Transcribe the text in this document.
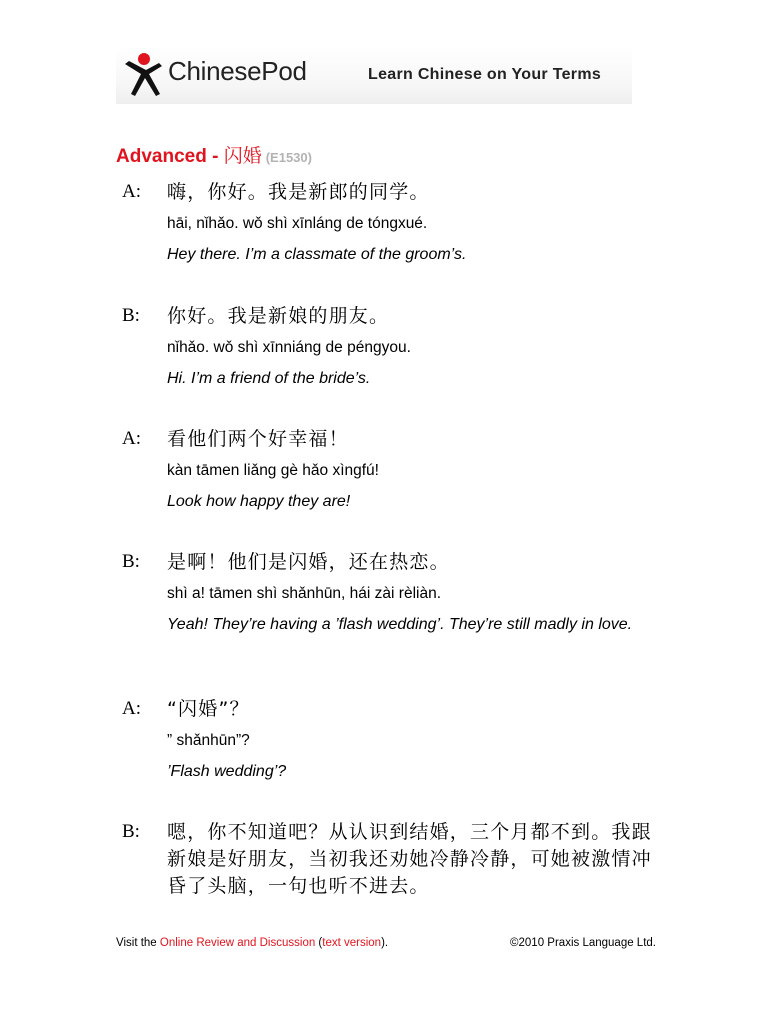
ChinesePod	Learn Chinese on Your Terms
Advanced - 闪婚 (E1530)
A: 嗨，你好。我是新郎的同学。
hāi, nǐhǎo. wǒ shì xīnláng de tóngxué.
Hey there. I’m a classmate of the groom’s.
B: 你好。我是新娘的朋友。
nǐhǎo. wǒ shì xīnniáng de péngyou.
Hi. I’m a friend of the bride’s.
A: 看他们两个好幸福！
kàn tāmen liǎng gè hǎo xìngfú!
Look how happy they are!
B: 是啊！他们是闪婚，还在热恋。
shì a! tāmen shì shǎnhūn, hái zài rèliàn.
Yeah! They’re having a ’flash wedding’. They’re still madly in love.
A: “闪婚”？
” shǎnhūn”?
’Flash wedding’?
B: 嗯，你不知道吧？从认识到结婚，三个月都不到。我跟新娘是好朋友，当初我还劝她冷静冷静，可她被激情冲昏了头脑，一句也听不进去。
Visit the Online Review and Discussion (text version).	©2010 Praxis Language Ltd.
